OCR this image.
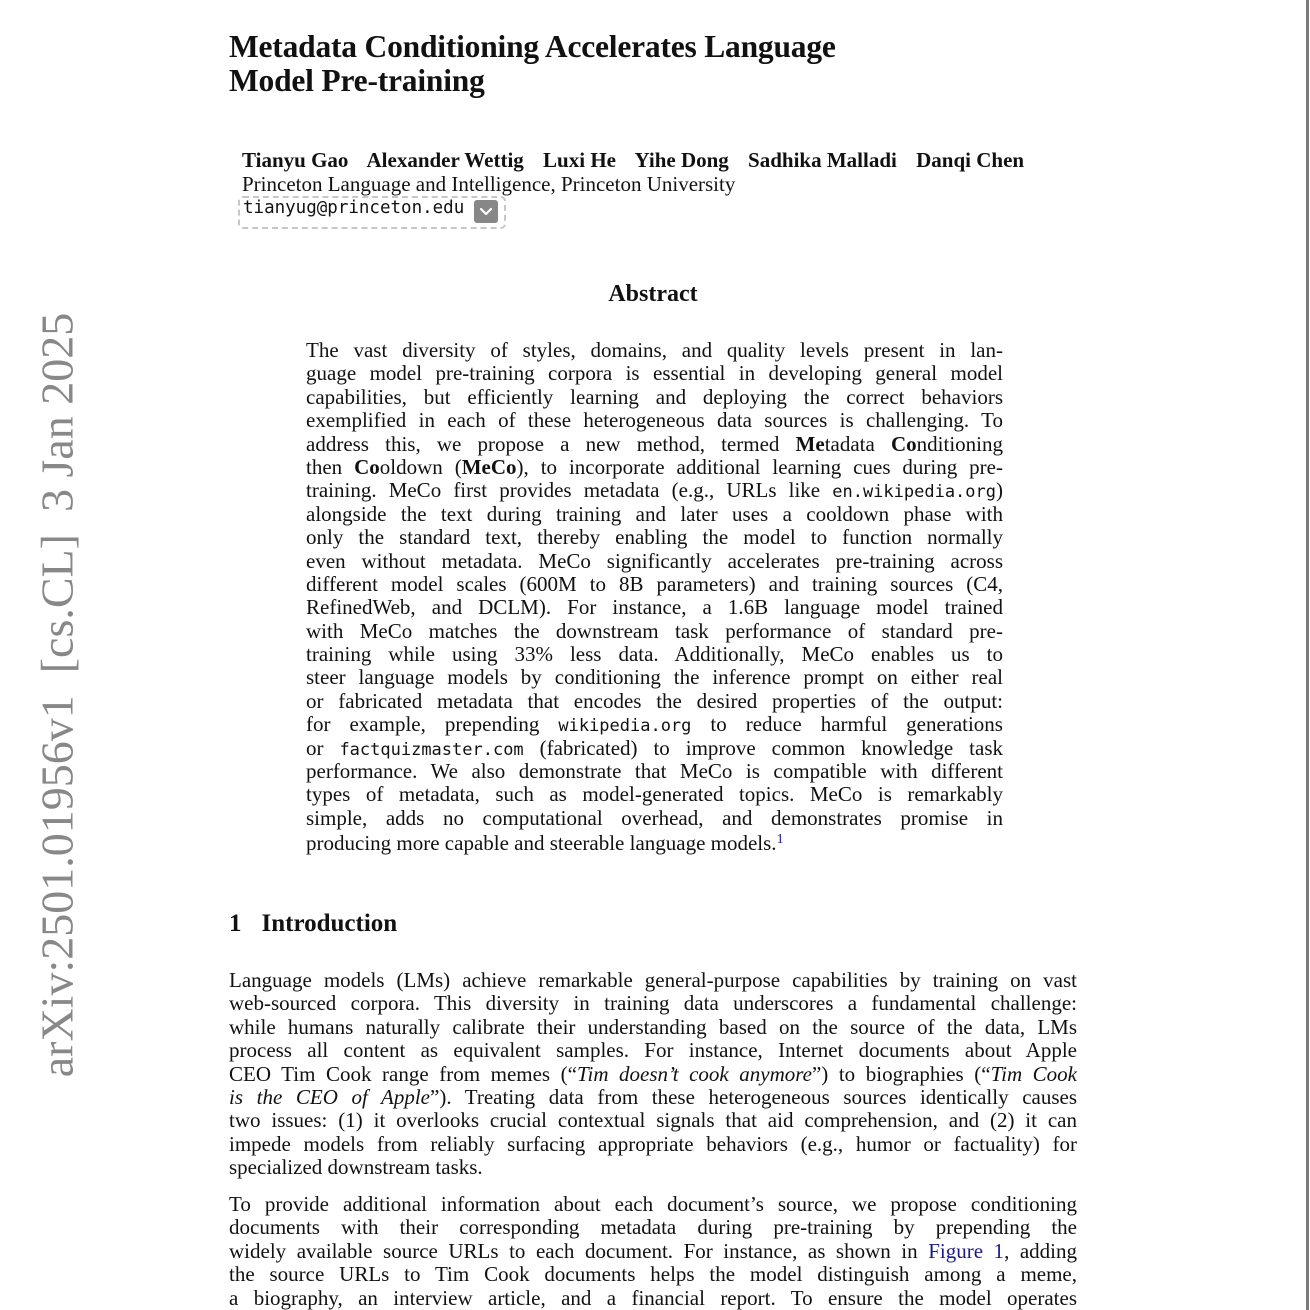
arXiv:2501.01956v1[cs.CL]3 Jan 2025
Metadata Conditioning Accelerates Language
Model Pre-training
Tianyu Gao Alexander Wettig Luxi He Yihe Dong Sadhika Malladi Danqi Chen
Princeton Language and Intelligence, Princeton University
tianyug@princeton.edu
Abstract
The vast diversity of styles, domains, and quality levels present in lan-
guage model pre-training corpora is essential in developing general model
capabilities, but efficiently learning and deploying the correct behaviors
exemplified in each of these heterogeneous data sources is challenging. To
address this, we propose a new method, termed Metadata Conditioning
then Cooldown (MeCo), to incorporate additional learning cues during pre-
training. MeCo first provides metadata (e.g., URLs like en.wikipedia.org)
alongside the text during training and later uses a cooldown phase with
only the standard text, thereby enabling the model to function normally
even without metadata. MeCo significantly accelerates pre-training across
different model scales (600M to 8B parameters) and training sources (C4,
RefinedWeb, and DCLM). For instance, a 1.6B language model trained
with MeCo matches the downstream task performance of standard pre-
training while using 33% less data. Additionally, MeCo enables us to
steer language models by conditioning the inference prompt on either real
or fabricated metadata that encodes the desired properties of the output:
for example, prepending wikipedia.org to reduce harmful generations
or factquizmaster.com (fabricated) to improve common knowledge task
performance. We also demonstrate that MeCo is compatible with different
types of metadata, such as model-generated topics. MeCo is remarkably
simple, adds no computational overhead, and demonstrates promise in
producing more capable and steerable language models.$^1$
1 Introduction
Language models (LMs) achieve remarkable general-purpose capabilities by training on vast
web-sourced corpora. This diversity in training data underscores a fundamental challenge:
while humans naturally calibrate their understanding based on the source of the data, LMs
process all content as equivalent samples. For instance, Internet documents about Apple
CEO Tim Cook range from memes (“Tim doesn’t cook anymore”) to biographies (“Tim Cook
is the CEO of Apple”). Treating data from these heterogeneous sources identically causes
two issues: (1) it overlooks crucial contextual signals that aid comprehension, and (2) it can
impede models from reliably surfacing appropriate behaviors (e.g., humor or factuality) for
specialized downstream tasks.
To provide additional information about each document’s source, we propose conditioning
documents with their corresponding metadata during pre-training by prepending the
widely available source URLs to each document. For instance, as shown in Figure 1, adding
the source URLs to Tim Cook documents helps the model distinguish among a meme,
a biography, an interview article, and a financial report. To ensure the model operates
